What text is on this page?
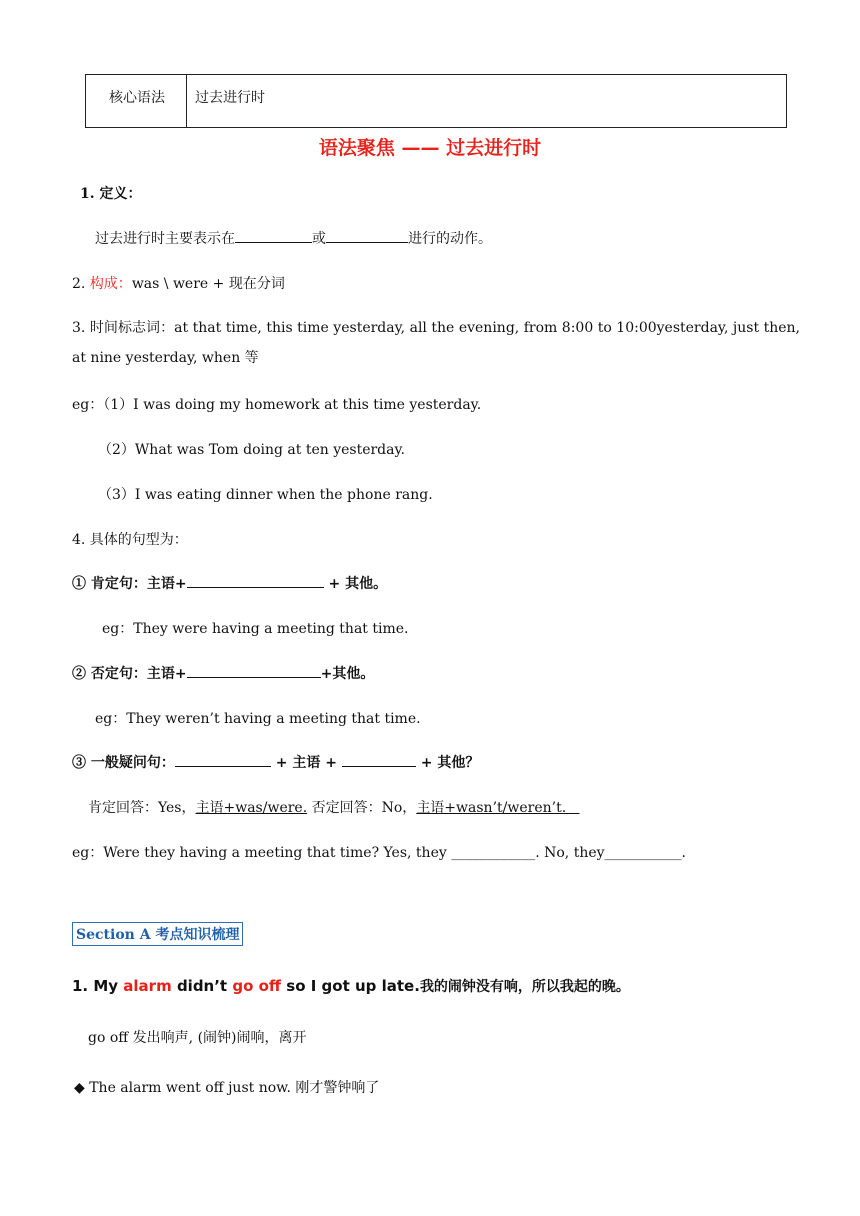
核心语法	过去进行时
语法聚焦 —— 过去进行时
1. 定义：
过去进行时主要表示在	或	进行的动作。
2. 构成：was \ were + 现在分词

3. 时间标志词：at that time, this time yesterday, all the evening, from 8:00 to 10:00yesterday, just then, at nine yesterday, when 等

eg：（1）I was doing my homework at this time yesterday.
（2）What was Tom doing at ten yesterday.
（3）I was eating dinner when the phone rang.
4. 具体的句型为：
① 肯定句：主语+	+ 其他。
eg：They were having a meeting that time.
② 否定句：主语+	+其他。
eg：They weren’t having a meeting that time.
③ 一般疑问句：	+ 主语 +	+ 其他？
肯定回答：Yes，主语+was/were. 否定回答：No，主语+wasn’t/weren’t.
eg：Were they having a meeting that time? Yes, they ____________. No, they___________.
Section A 考点知识梳理
1. My alarm didn’t go off so I got up late.我的闹钟没有响，所以我起的晚。
go off 发出响声, (闹钟)闹响，离开
◆ The alarm went off just now. 刚才警钟响了
